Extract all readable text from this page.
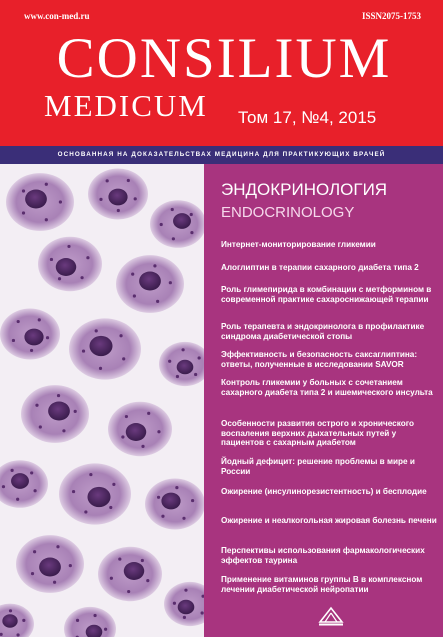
www.con-med.ru	ISSN2075-1753
CONSILIUM
MEDICUM Том 17, №4, 2015
ОСНОВАННАЯ НА ДОКАЗАТЕЛЬСТВАХ МЕДИЦИНА ДЛЯ ПРАКТИКУЮЩИХ ВРАЧЕЙ
ЭНДОКРИНОЛОГИЯ
ENDOCRINOLOGY
Интернет-мониторирование гликемии
Алоглиптин в терапии сахарного диабета типа 2
Роль глимепирида в комбинации с метформином в современной практике сахароснижающей терапии
Роль терапевта и эндокринолога в профилактике синдрома диабетической стопы
Эффективность и безопасность саксаглиптина: ответы, полученные в исследовании SAVOR
Контроль гликемии у больных с сочетанием сахарного диабета типа 2 и ишемического инсульта
Особенности развития острого и хронического воспаления верхних дыхательных путей у пациентов с сахарным диабетом
Йодный дефицит: решение проблемы в мире и России
Ожирение (инсулинорезистентность) и бесплодие
Ожирение и неалкогольная жировая болезнь печени
Перспективы использования фармакологических эффектов таурина
Применение витаминов группы В в комплексном лечении диабетической нейропатии
